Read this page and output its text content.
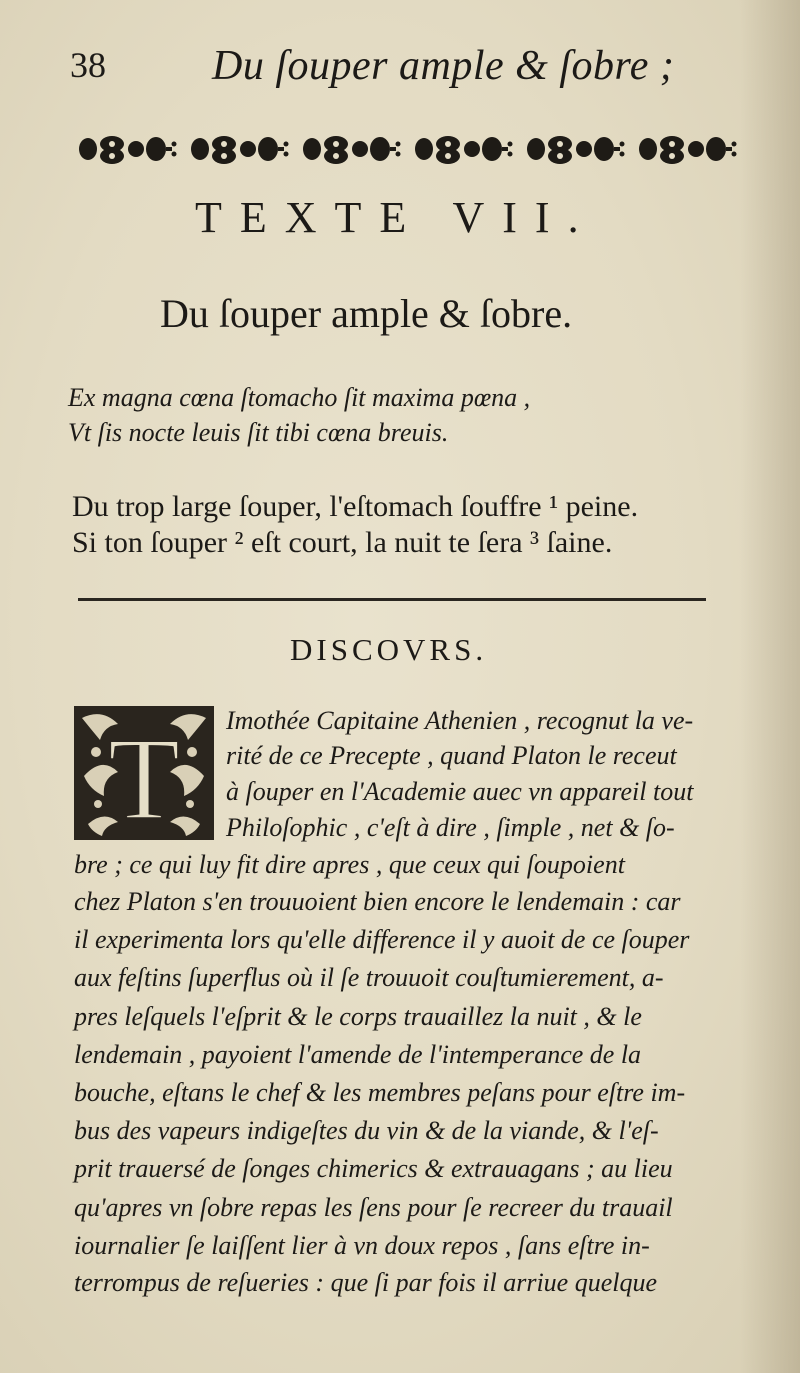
38	Du ſouper ample & ſobre ;
TEXTE VII.
Du ſouper ample & ſobre.
Ex magna cœna ſtomacho ſit maxima pœna ,
Vt ſis nocte leuis ſit tibi cœna breuis.
Du trop large ſouper, l'eſtomach ſouffre ¹ peine.
Si ton ſouper ² eſt court, la nuit te ſera ³ ſaine.
DISCOVRS.
T Imothée Capitaine Athenien , recognut la ve-
rité de ce Precepte , quand Platon le receut
à ſouper en l'Academie auec vn appareil tout
Philoſophic , c'eſt à dire , ſimple , net & ſo-
bre ; ce qui luy fit dire apres , que ceux qui ſoupoient
chez Platon s'en trouuoient bien encore le lendemain : car
il experimenta lors qu'elle difference il y auoit de ce ſouper
aux feſtins ſuperflus où il ſe trouuoit couſtumierement, a-
pres leſquels l'eſprit & le corps trauaillez la nuit , & le
lendemain , payoient l'amende de l'intemperance de la
bouche, eſtans le chef & les membres peſans pour eſtre im-
bus des vapeurs indigeſtes du vin & de la viande, & l'eſ-
prit trauersé de ſonges chimerics & extrauagans ; au lieu
qu'apres vn ſobre repas les ſens pour ſe recreer du trauail
iournalier ſe laiſſent lier à vn doux repos , ſans eſtre in-
terrompus de reſueries : que ſi par fois il arriue quelque
